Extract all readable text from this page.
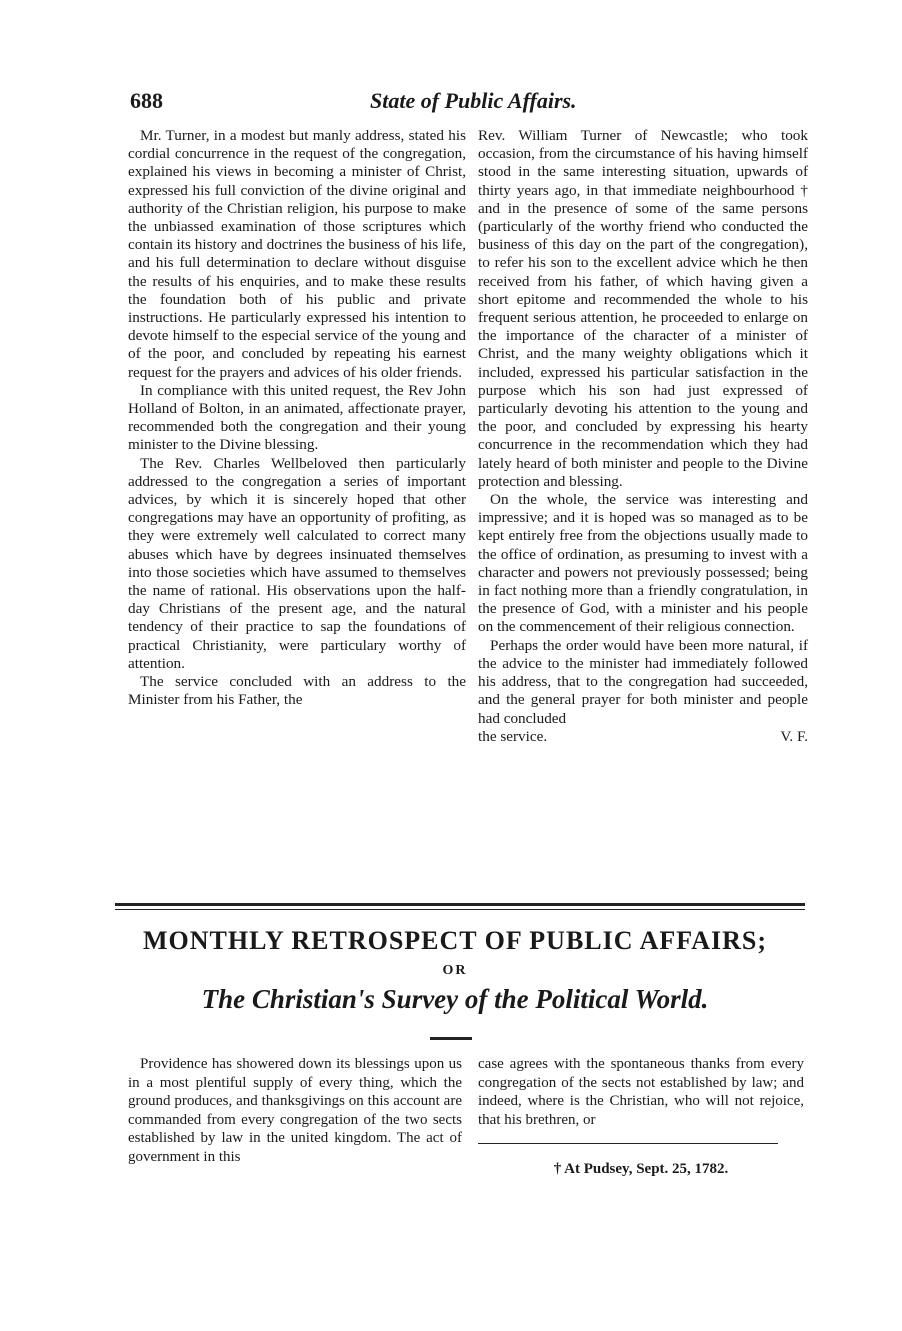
688	State of Public Affairs.

Mr. Turner, in a modest but manly address, stated his cordial concurrence in the request of the congregation, explained his views in becoming a minister of Christ, expressed his full conviction of the divine original and authority of the Christian religion, his purpose to make the unbiassed examination of those scriptures which contain its history and doctrines the business of his life, and his full determination to declare without disguise the results of his enquiries, and to make these results the foundation both of his public and private instructions. He particularly expressed his intention to devote himself to the especial service of the young and of the poor, and concluded by repeating his earnest request for the prayers and advices of his older friends.

In compliance with this united request, the Rev John Holland of Bolton, in an animated, affectionate prayer, recommended both the congregation and their young minister to the Divine blessing.

The Rev. Charles Wellbeloved then particularly addressed to the congregation a series of important advices, by which it is sincerely hoped that other congregations may have an opportunity of profiting, as they were extremely well calculated to correct many abuses which have by degrees insinuated themselves into those societies which have assumed to themselves the name of rational. His observations upon the half-day Christians of the present age, and the natural tendency of their practice to sap the foundations of practical Christianity, were particulary worthy of attention.

The service concluded with an address to the Minister from his Father, the

Rev. William Turner of Newcastle; who took occasion, from the circumstance of his having himself stood in the same interesting situation, upwards of thirty years ago, in that immediate neighbourhood † and in the presence of some of the same persons (particularly of the worthy friend who conducted the business of this day on the part of the congregation), to refer his son to the excellent advice which he then received from his father, of which having given a short epitome and recommended the whole to his frequent serious attention, he proceeded to enlarge on the importance of the character of a minister of Christ, and the many weighty obligations which it included, expressed his particular satisfaction in the purpose which his son had just expressed of particularly devoting his attention to the young and the poor, and concluded by expressing his hearty concurrence in the recommendation which they had lately heard of both minister and people to the Divine protection and blessing.

On the whole, the service was interesting and impressive; and it is hoped was so managed as to be kept entirely free from the objections usually made to the office of ordination, as presuming to invest with a character and powers not previously possessed; being in fact nothing more than a friendly congratulation, in the presence of God, with a minister and his people on the commencement of their religious connection.

Perhaps the order would have been more natural, if the advice to the minister had immediately followed his address, that to the congregation had succeeded, and the general prayer for both minister and people had concluded

the service.	V. F.
MONTHLY RETROSPECT OF PUBLIC AFFAIRS;
OR
The Christian's Survey of the Political World.

Providence has showered down its blessings upon us in a most plentiful supply of every thing, which the ground produces, and thanksgivings on this account are commanded from every congregation of the two sects established by law in the united kingdom. The act of government in this

case agrees with the spontaneous thanks from every congregation of the sects not established by law; and indeed, where is the Christian, who will not rejoice, that his brethren, or

† At Pudsey, Sept. 25, 1782.
